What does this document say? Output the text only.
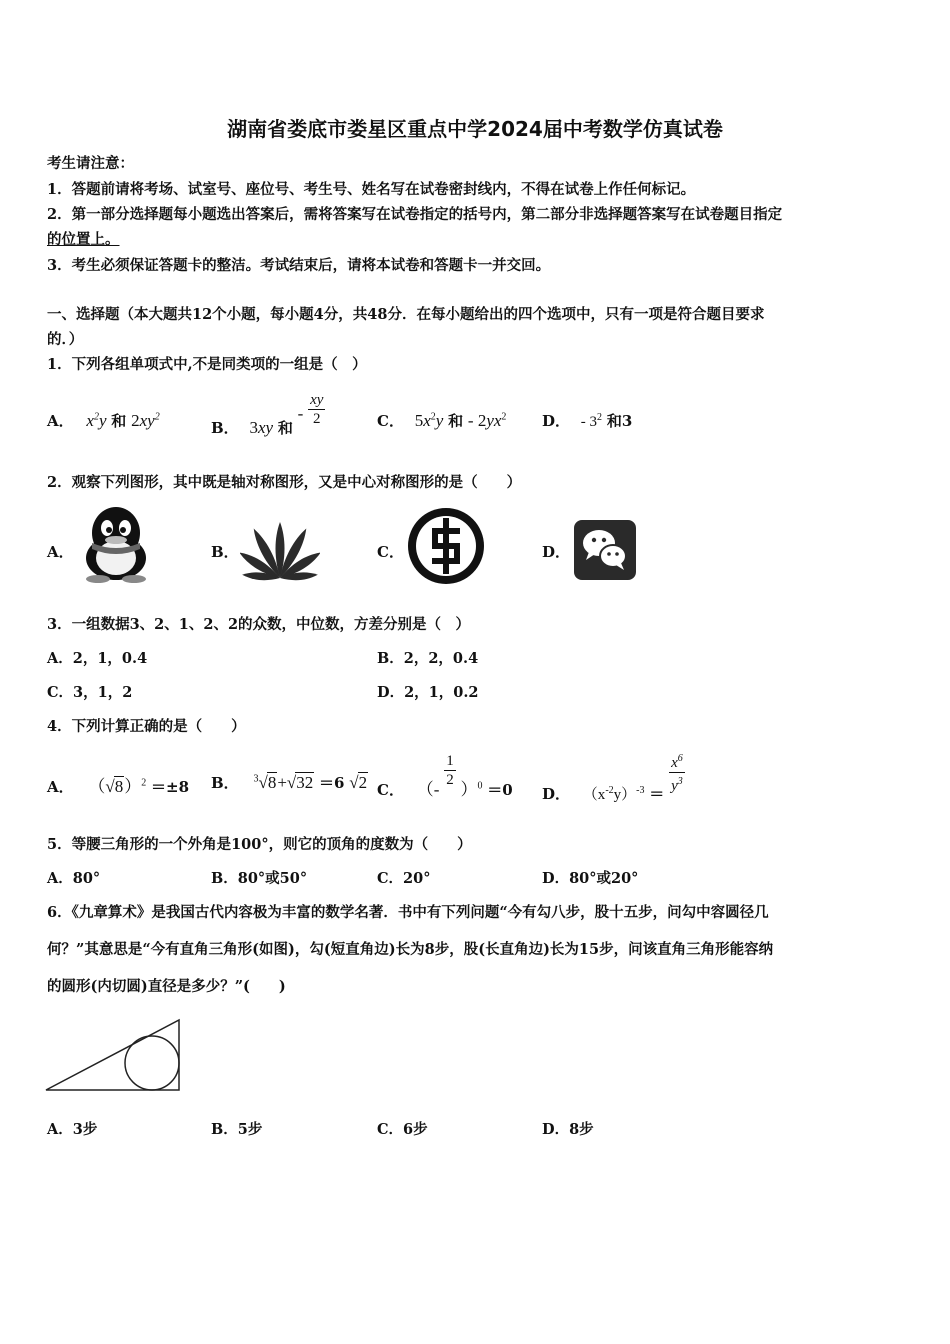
湖南省娄底市娄星区重点中学2024届中考数学仿真试卷
考生请注意：
1．答题前请将考场、试室号、座位号、考生号、姓名写在试卷密封线内，不得在试卷上作任何标记。
2．第一部分选择题每小题选出答案后，需将答案写在试卷指定的括号内，第二部分非选择题答案写在试卷题目指定
的位置上。
3．考生必须保证答题卡的整洁。考试结束后，请将本试卷和答题卡一并交回。
一、选择题（本大题共12个小题，每小题4分，共48分．在每小题给出的四个选项中，只有一项是符合题目要求
的．）
1．下列各组单项式中,不是同类项的一组是（　）
A． $x^2y$ 和 $2xy^2$
B． 3xy 和 - $\frac{xy}{2}$	C． $5x^2y$ 和 - $2yx^2$ D． - $3^2$ 和3
2．观察下列图形，其中既是轴对称图形，又是中心对称图形的是（　　）
A．	B．	C．	D．
3．一组数据3、2、1、2、2的众数，中位数，方差分别是（　）
A．2，1，0.4	B．2，2，0.4
C．3，1，2	D．2，1，0.2
4．下列计算正确的是（　　）
A． $(√8)^2 =\pm 8$ B． $^3$√8+√32 ＝6 √2 C． （- $\frac{1}{2} )^0 =0$ D． $(x^{-2}y)^{-3} = \frac{x^6}{y^3}$
5．等腰三角形的一个外角是100°，则它的顶角的度数为（　　）
A．80°	B．80°或50°	C．20°	D．80°或20°
6．《九章算术》是我国古代内容极为丰富的数学名著．书中有下列问题“今有勾八步，股十五步，问勾中容圆径几
何？”其意思是“今有直角三角形(如图)，勾(短直角边)长为8步，股(长直角边)长为15步，问该直角三角形能容纳
的圆形(内切圆)直径是多少？”(　　)
A．3步	B．5步	C．6步	D．8步
